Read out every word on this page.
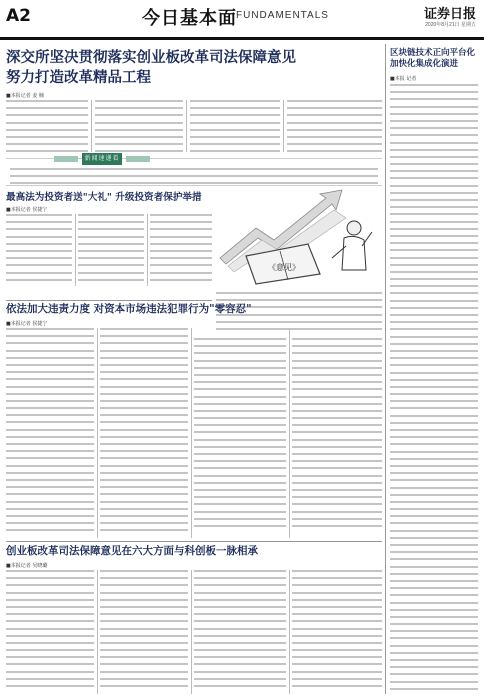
A2	今日基本面 FUNDAMENTALS	证券日报
2020年8月21日 星期五
深交所坚决贯彻落实创业板改革司法保障意见
努力打造改革精品工程
■本报记者 姜 楠
区块链技术正向平台化 加快化集成化演进
■本报 记者
新闻速递看
最高法为投资者送"大礼" 升级投资者保护举措
■本报记者 侯捷宁
《意见》
依法加大违责力度 对资本市场违法犯罪行为"零容忍"
■本报记者 侯捷宁
创业板改革司法保障意见在六大方面与科创板一脉相承
■本报记者 吴晓璐
